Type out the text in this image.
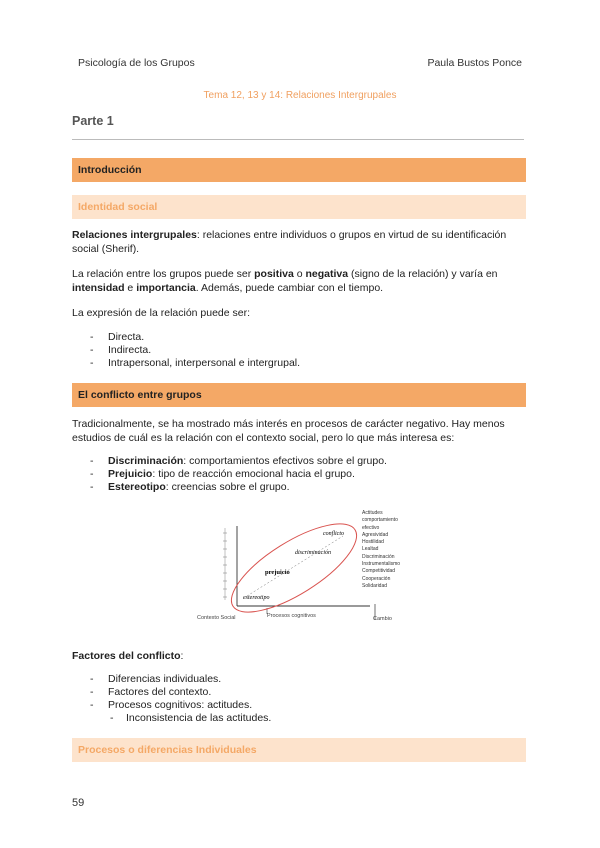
Psicología de los Grupos	Paula Bustos Ponce
Tema 12, 13 y 14: Relaciones Intergrupales
Parte 1
Introducción
Identidad social
Relaciones intergrupales: relaciones entre individuos o grupos en virtud de su identificación social (Sherif).
La relación entre los grupos puede ser positiva o negativa (signo de la relación) y varía en intensidad e importancia. Además, puede cambiar con el tiempo.
La expresión de la relación puede ser:
- Directa.
- Indirecta.
- Intrapersonal, interpersonal e intergrupal.
El conflicto entre grupos
Tradicionalmente, se ha mostrado más interés en procesos de carácter negativo. Hay menos estudios de cuál es la relación con el contexto social, pero lo que más interesa es:
- Discriminación: comportamientos efectivos sobre el grupo.
- Prejuicio: tipo de reacción emocional hacia el grupo.
- Estereotipo: creencias sobre el grupo.
conflicto
discriminación
prejuicio
estereotipo
Contexto Social	Procesos cognitivos	Cambio
Actitudes
comportamiento
efectivo
Agresividad
Hostilidad
Lealtad
Discriminación
Instrumentalismo
Competitividad
Cooperación
Solidaridad
Factores del conflicto:
- Diferencias individuales.
- Factores del contexto.
- Procesos cognitivos: actitudes.
- Inconsistencia de las actitudes.
Procesos o diferencias Individuales
59
